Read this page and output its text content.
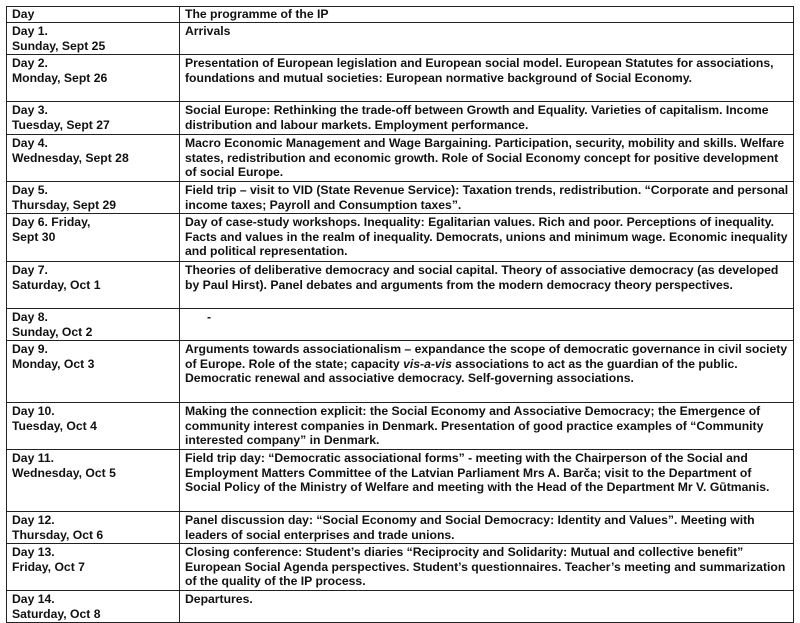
Day	The programme of the IP

Day 1.
Sunday, Sept 25	Arrivals

Day 2.
Monday, Sept 26	Presentation of European legislation and European social model. European Statutes for associations, foundations and mutual societies: European normative background of Social Economy.

Day 3.
Tuesday, Sept 27	Social Europe: Rethinking the trade-off between Growth and Equality. Varieties of capitalism. Income distribution and labour markets. Employment performance.

Day 4.
Wednesday, Sept 28	Macro Economic Management and Wage Bargaining. Participation, security, mobility and skills. Welfare states, redistribution and economic growth. Role of Social Economy concept for positive development of social Europe.

Day 5.
Thursday, Sept 29	Field trip – visit to VID (State Revenue Service): Taxation trends, redistribution. “Corporate and personal income taxes; Payroll and Consumption taxes”.

Day 6. Friday,
Sept 30	Day of case-study workshops. Inequality: Egalitarian values. Rich and poor. Perceptions of inequality. Facts and values in the realm of inequality. Democrats, unions and minimum wage. Economic inequality and political representation.

Day 7.
Saturday, Oct 1	Theories of deliberative democracy and social capital. Theory of associative democracy (as developed by Paul Hirst). Panel debates and arguments from the modern democracy theory perspectives.

Day 8.
Sunday, Oct 2	-

Day 9.
Monday, Oct 3	Arguments towards associationalism – expandance the scope of democratic governance in civil society of Europe. Role of the state; capacity vis-a-vis associations to act as the guardian of the public. Democratic renewal and associative democracy. Self-governing associations.

Day 10.
Tuesday, Oct 4	Making the connection explicit: the Social Economy and Associative Democracy; the Emergence of community interest companies in Denmark. Presentation of good practice examples of “Community interested company” in Denmark.

Day 11.
Wednesday, Oct 5	Field trip day: “Democratic associational forms” - meeting with the Chairperson of the Social and Employment Matters Committee of the Latvian Parliament Mrs A. Barča; visit to the Department of Social Policy of the Ministry of Welfare and meeting with the Head of the Department Mr V. Gūtmanis.

Day 12.
Thursday, Oct 6	Panel discussion day: “Social Economy and Social Democracy: Identity and Values”. Meeting with leaders of social enterprises and trade unions.

Day 13.
Friday, Oct 7	Closing conference: Student’s diaries “Reciprocity and Solidarity: Mutual and collective benefit” European Social Agenda perspectives. Student’s questionnaires. Teacher’s meeting and summarization of the quality of the IP process.

Day 14.
Saturday, Oct 8	Departures.
